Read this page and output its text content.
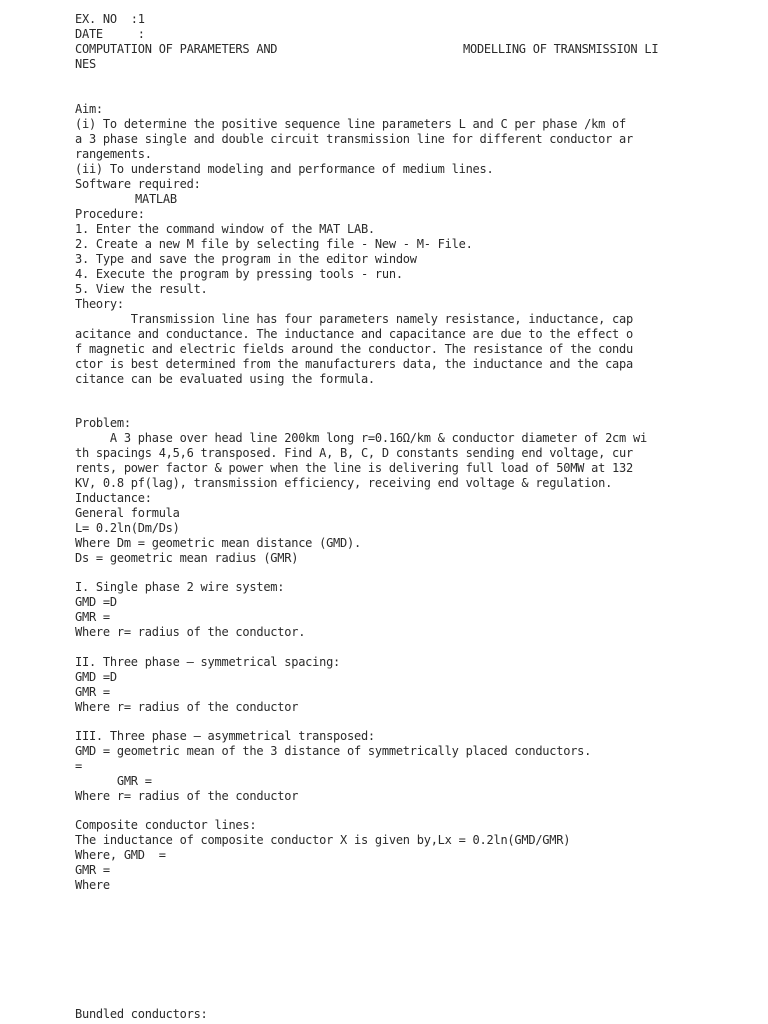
EX. NO  :1
DATE     :
COMPUTATION OF PARAMETERS AND	MODELLING OF TRANSMISSION LI
NES
Aim:
(i) To determine the positive sequence line parameters L and C per phase /km of
a 3 phase single and double circuit transmission line for different conductor ar
rangements.
(ii) To understand modeling and performance of medium lines.
Software required:
MATLAB
Procedure:
1. Enter the command window of the MAT LAB.
2. Create a new M file by selecting file - New - M- File.
3. Type and save the program in the editor window
4. Execute the program by pressing tools - run.
5. View the result.
Theory:
Transmission line has four parameters namely resistance, inductance, cap
acitance and conductance. The inductance and capacitance are due to the effect o
f magnetic and electric fields around the conductor. The resistance of the condu
ctor is best determined from the manufacturers data, the inductance and the capa
citance can be evaluated using the formula.
Problem:
A 3 phase over head line 200km long r=0.16Ω/km & conductor diameter of 2cm wi
th spacings 4,5,6 transposed. Find A, B, C, D constants sending end voltage, cur
rents, power factor & power when the line is delivering full load of 50MW at 132
KV, 0.8 pf(lag), transmission efficiency, receiving end voltage & regulation.
Inductance:
General formula
L= 0.2ln(Dm/Ds)
Where Dm = geometric mean distance (GMD).
Ds = geometric mean radius (GMR)
I. Single phase 2 wire system:
GMD =D
GMR =
Where r= radius of the conductor.
II. Three phase – symmetrical spacing:
GMD =D
GMR =
Where r= radius of the conductor
III. Three phase – asymmetrical transposed:
GMD = geometric mean of the 3 distance of symmetrically placed conductors.
=
GMR =
Where r= radius of the conductor
Composite conductor lines:
The inductance of composite conductor X is given by,Lx = 0.2ln(GMD/GMR)
Where, GMD  =
GMR =
Where
Bundled conductors:
